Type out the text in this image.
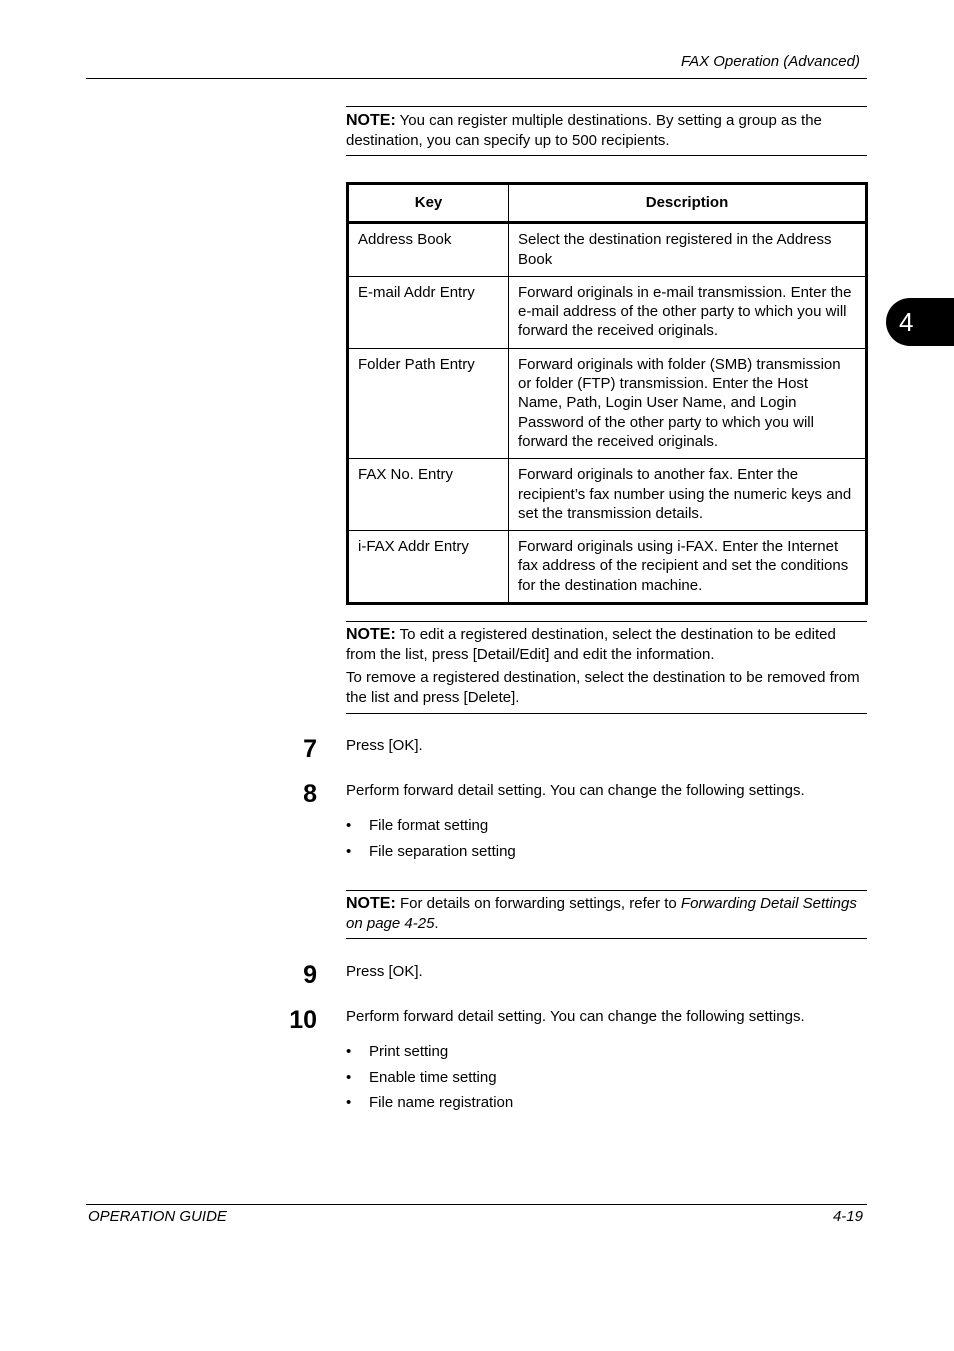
FAX Operation (Advanced)
4

NOTE: You can register multiple destinations. By setting a group as the destination, you can specify up to 500 recipients.

Key	Description
Address Book	Select the destination registered in the Address Book
E-mail Addr Entry	Forward originals in e-mail transmission. Enter the e-mail address of the other party to which you will forward the received originals.
Folder Path Entry	Forward originals with folder (SMB) transmission or folder (FTP) transmission. Enter the Host Name, Path, Login User Name, and Login Password of the other party to which you will forward the received originals.
FAX No. Entry	Forward originals to another fax. Enter the recipient’s fax number using the numeric keys and set the transmission details.
i-FAX Addr Entry	Forward originals using i-FAX. Enter the Internet fax address of the recipient and set the conditions for the destination machine.

NOTE: To edit a registered destination, select the destination to be edited from the list, press [Detail/Edit] and edit the information.

To remove a registered destination, select the destination to be removed from the list and press [Delete].

7 Press [OK].
8 Perform forward detail setting. You can change the following settings.
• File format setting
• File separation setting

NOTE: For details on forwarding settings, refer to Forwarding Detail Settings on page 4-25.

9 Press [OK].
10 Perform forward detail setting. You can change the following settings.
• Print setting
• Enable time setting
• File name registration
OPERATION GUIDE	4-19
